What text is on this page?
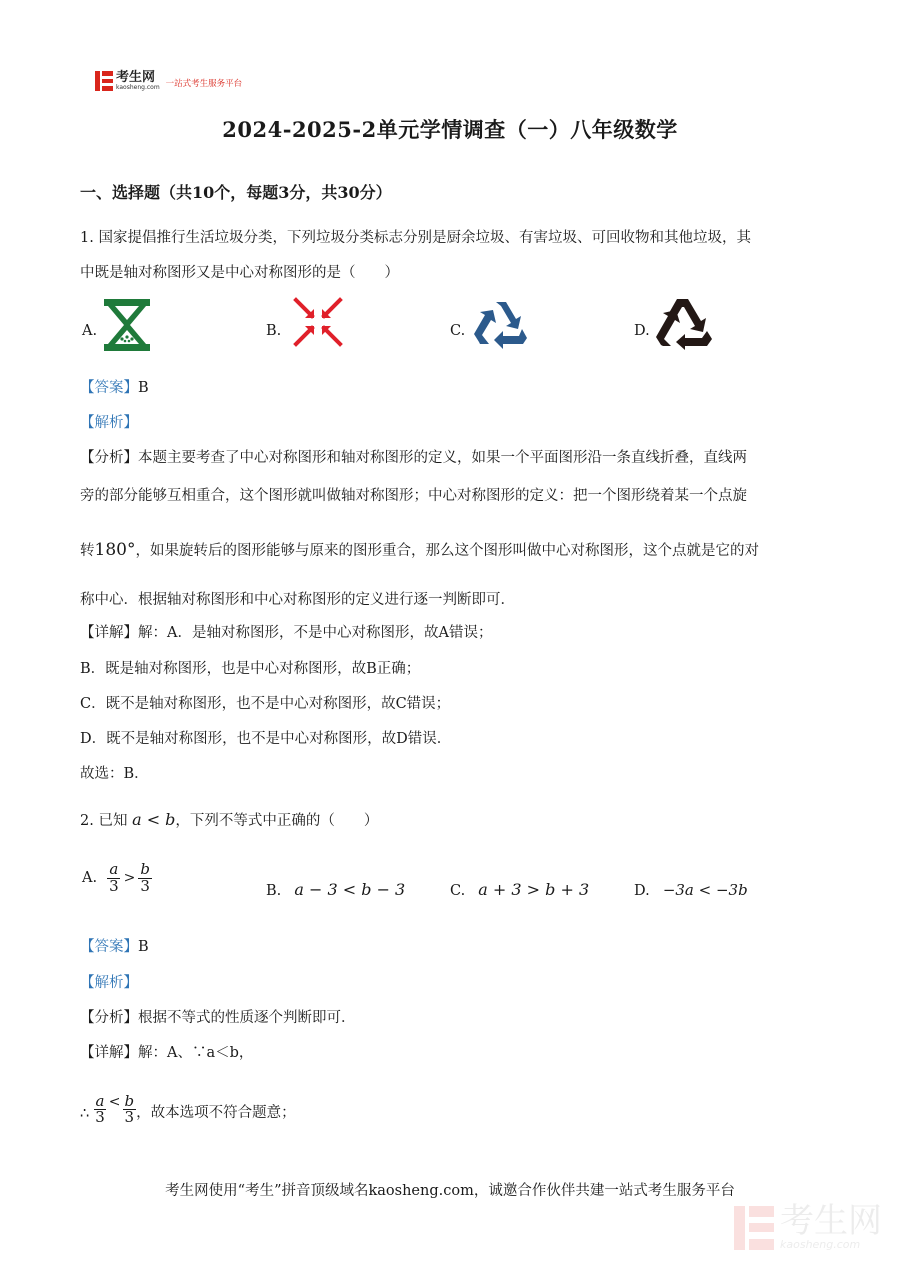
考生网
kaosheng.com 一站式考生服务平台
2024-2025-2单元学情调查（一）八年级数学
一、选择题（共10个，每题3分，共30分）
1. 国家提倡推行生活垃圾分类，下列垃圾分类标志分别是厨余垃圾、有害垃圾、可回收物和其他垃圾，其
中既是轴对称图形又是中心对称图形的是（　　）
A.	B.	C.	D.
【答案】B
【解析】
【分析】本题主要考查了中心对称图形和轴对称图形的定义，如果一个平面图形沿一条直线折叠，直线两
旁的部分能够互相重合，这个图形就叫做轴对称图形；中心对称图形的定义：把一个图形绕着某一个点旋
转180°，如果旋转后的图形能够与原来的图形重合，那么这个图形叫做中心对称图形，这个点就是它的对
称中心．根据轴对称图形和中心对称图形的定义进行逐一判断即可．
【详解】解：A．是轴对称图形，不是中心对称图形，故A错误；
B．既是轴对称图形，也是中心对称图形，故B正确；
C．既不是轴对称图形，也不是中心对称图形，故C错误；
D．既不是轴对称图形，也不是中心对称图形，故D错误．
故选：B．
2. 已知 a < b，下列不等式中正确的（　　）
A. $\frac{a}{3} > \frac{b}{3}$	B. a − 3 < b − 3	C. a + 3 > b + 3	D. −3a < −3b
【答案】B
【解析】
【分析】根据不等式的性质逐个判断即可．
【详解】解：A、∵a＜b，
∴ $\frac{a}{3} < \frac{b}{3}$ ，故本选项不符合题意；
考生网使用“考生”拼音顶级域名kaosheng.com，诚邀合作伙伴共建一站式考生服务平台
考生网
kaosheng.com
